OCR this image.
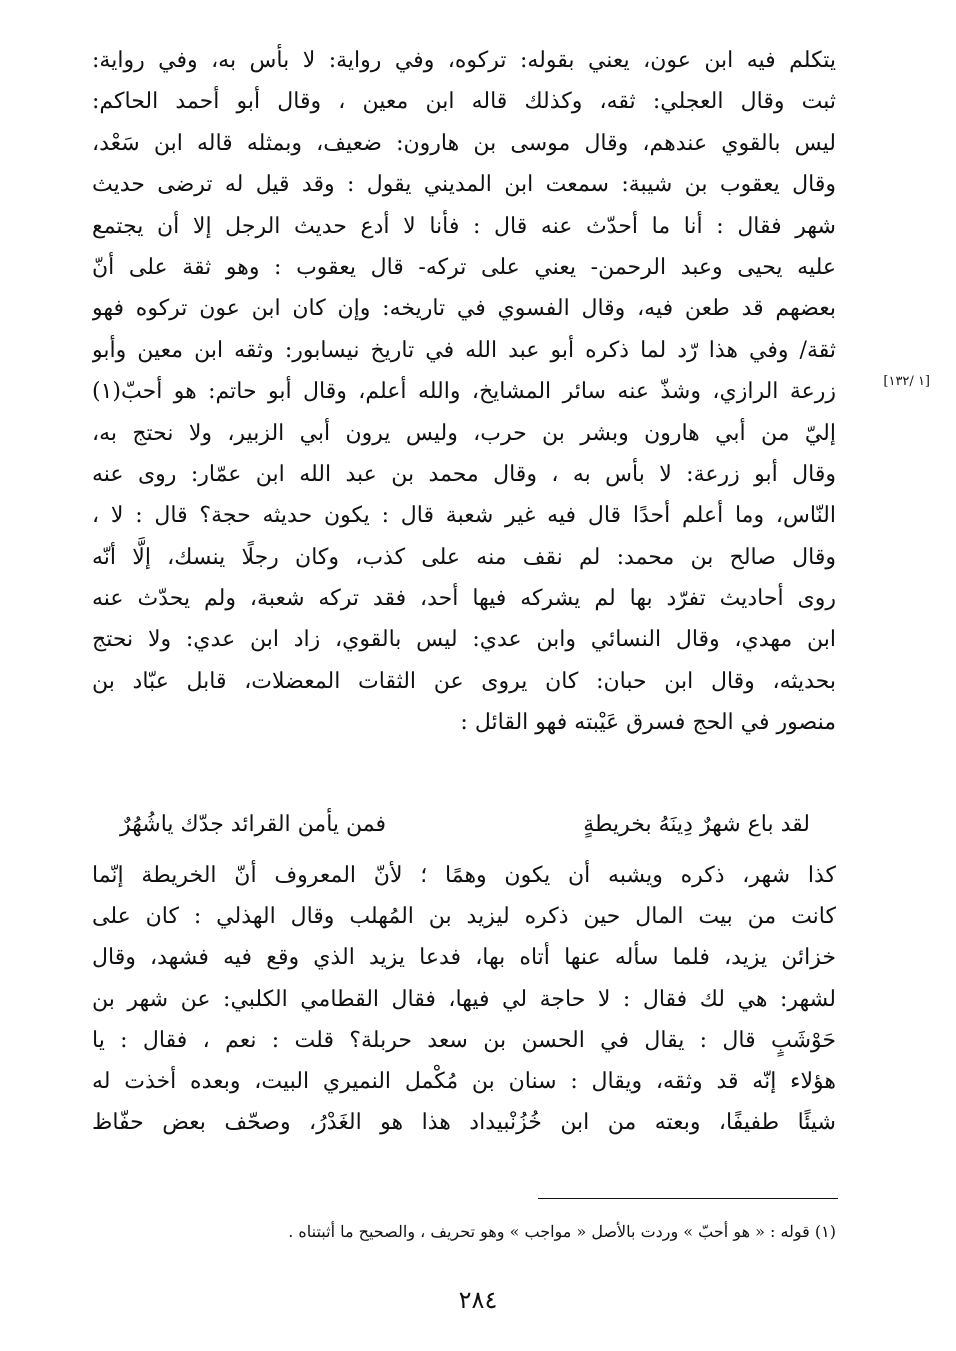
[١ /١٣٢]
يتكلم فيه ابن عون، يعني بقوله: تركوه، وفي رواية: لا بأس به، وفي رواية:
ثبت وقال العجلي: ثقه، وكذلك قاله ابن معين ، وقال أبو أحمد الحاكم:
ليس بالقوي عندهم، وقال موسى بن هارون: ضعيف، وبمثله قاله ابن سَعْد،
وقال يعقوب بن شيبة: سمعت ابن المديني يقول : وقد قيل له ترضى حديث
شهر فقال : أنا ما أحدّث عنه قال : فأنا لا أدع حديث الرجل إلا أن يجتمع
عليه يحيى وعبد الرحمن- يعني على تركه- قال يعقوب : وهو ثقة على أنّ
بعضهم قد طعن فيه، وقال الفسوي في تاريخه: وإن كان ابن عون تركوه فهو
ثقة/ وفي هذا رّد لما ذكره أبو عبد الله في تاريخ نيسابور: وثقه ابن معين وأبو
زرعة الرازي، وشذّ عنه سائر المشايخ، والله أعلم، وقال أبو حاتم: هو أحبّ(١)
إليّ من أبي هارون وبشر بن حرب، وليس يرون أبي الزبير، ولا نحتج به،
وقال أبو زرعة: لا بأس به ، وقال محمد بن عبد الله ابن عمّار: روى عنه
النّاس، وما أعلم أحدًا قال فيه غير شعبة قال : يكون حديثه حجة؟ قال : لا ،
وقال صالح بن محمد: لم نقف منه على كذب، وكان رجلًا ينسك، إلَّا أنّه
روى أحاديث تفرّد بها لم يشركه فيها أحد، فقد تركه شعبة، ولم يحدّث عنه
ابن مهدي، وقال النسائي وابن عدي: ليس بالقوي، زاد ابن عدي: ولا نحتج
بحديثه، وقال ابن حبان: كان يروى عن الثقات المعضلات، قابل عبّاد بن
منصور في الحج فسرق عَيْبته فهو القائل :
لقد باع شهرٌ دِينَهُ بخريطةٍ
فمن يأمن القرائد جدّك ياشُهُرٌ
كذا شهر، ذكره ويشبه أن يكون وهمًا ؛ لأنّ المعروف أنّ الخريطة إنّما
كانت من بيت المال حين ذكره ليزيد بن المُهلب وقال الهذلي : كان على
خزائن يزيد، فلما سأله عنها أتاه بها، فدعا يزيد الذي وقع فيه فشهد، وقال
لشهر: هي لك فقال : لا حاجة لي فيها، فقال القطامي الكلبي: عن شهر بن
حَوْشَبٍ قال : يقال في الحسن بن سعد حربلة؟ قلت : نعم ، فقال : يا
هؤلاء إنّه قد وثقه، ويقال : سنان بن مُكْمل النميري البيت، وبعده أخذت له
شيئًا طفيفًا، وبعته من ابن خُزُنْبيداد هذا هو الغَدْرُ، وصحّف بعض حفّاظ
(١) قوله : « هو أحبّ » وردت بالأصل « مواجب » وهو تحريف ، والصحيح ما أثبتناه .
٢٨٤
